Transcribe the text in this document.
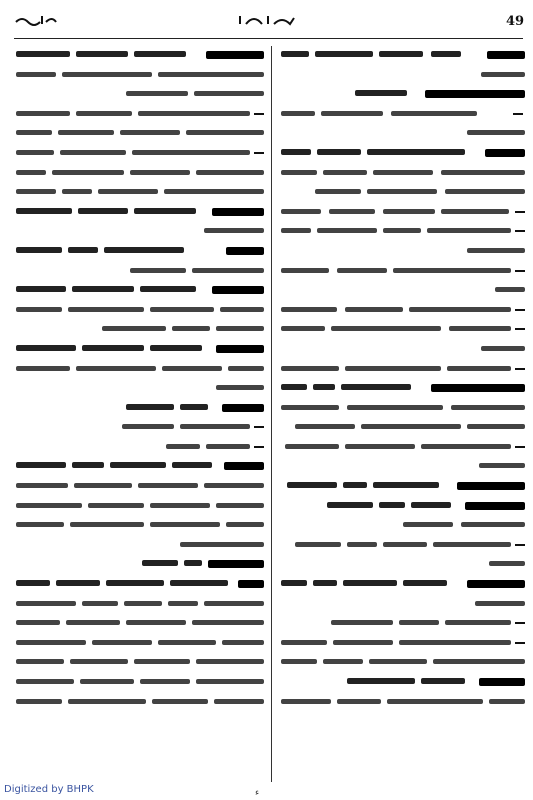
49
Digitized by BHPK	ء
